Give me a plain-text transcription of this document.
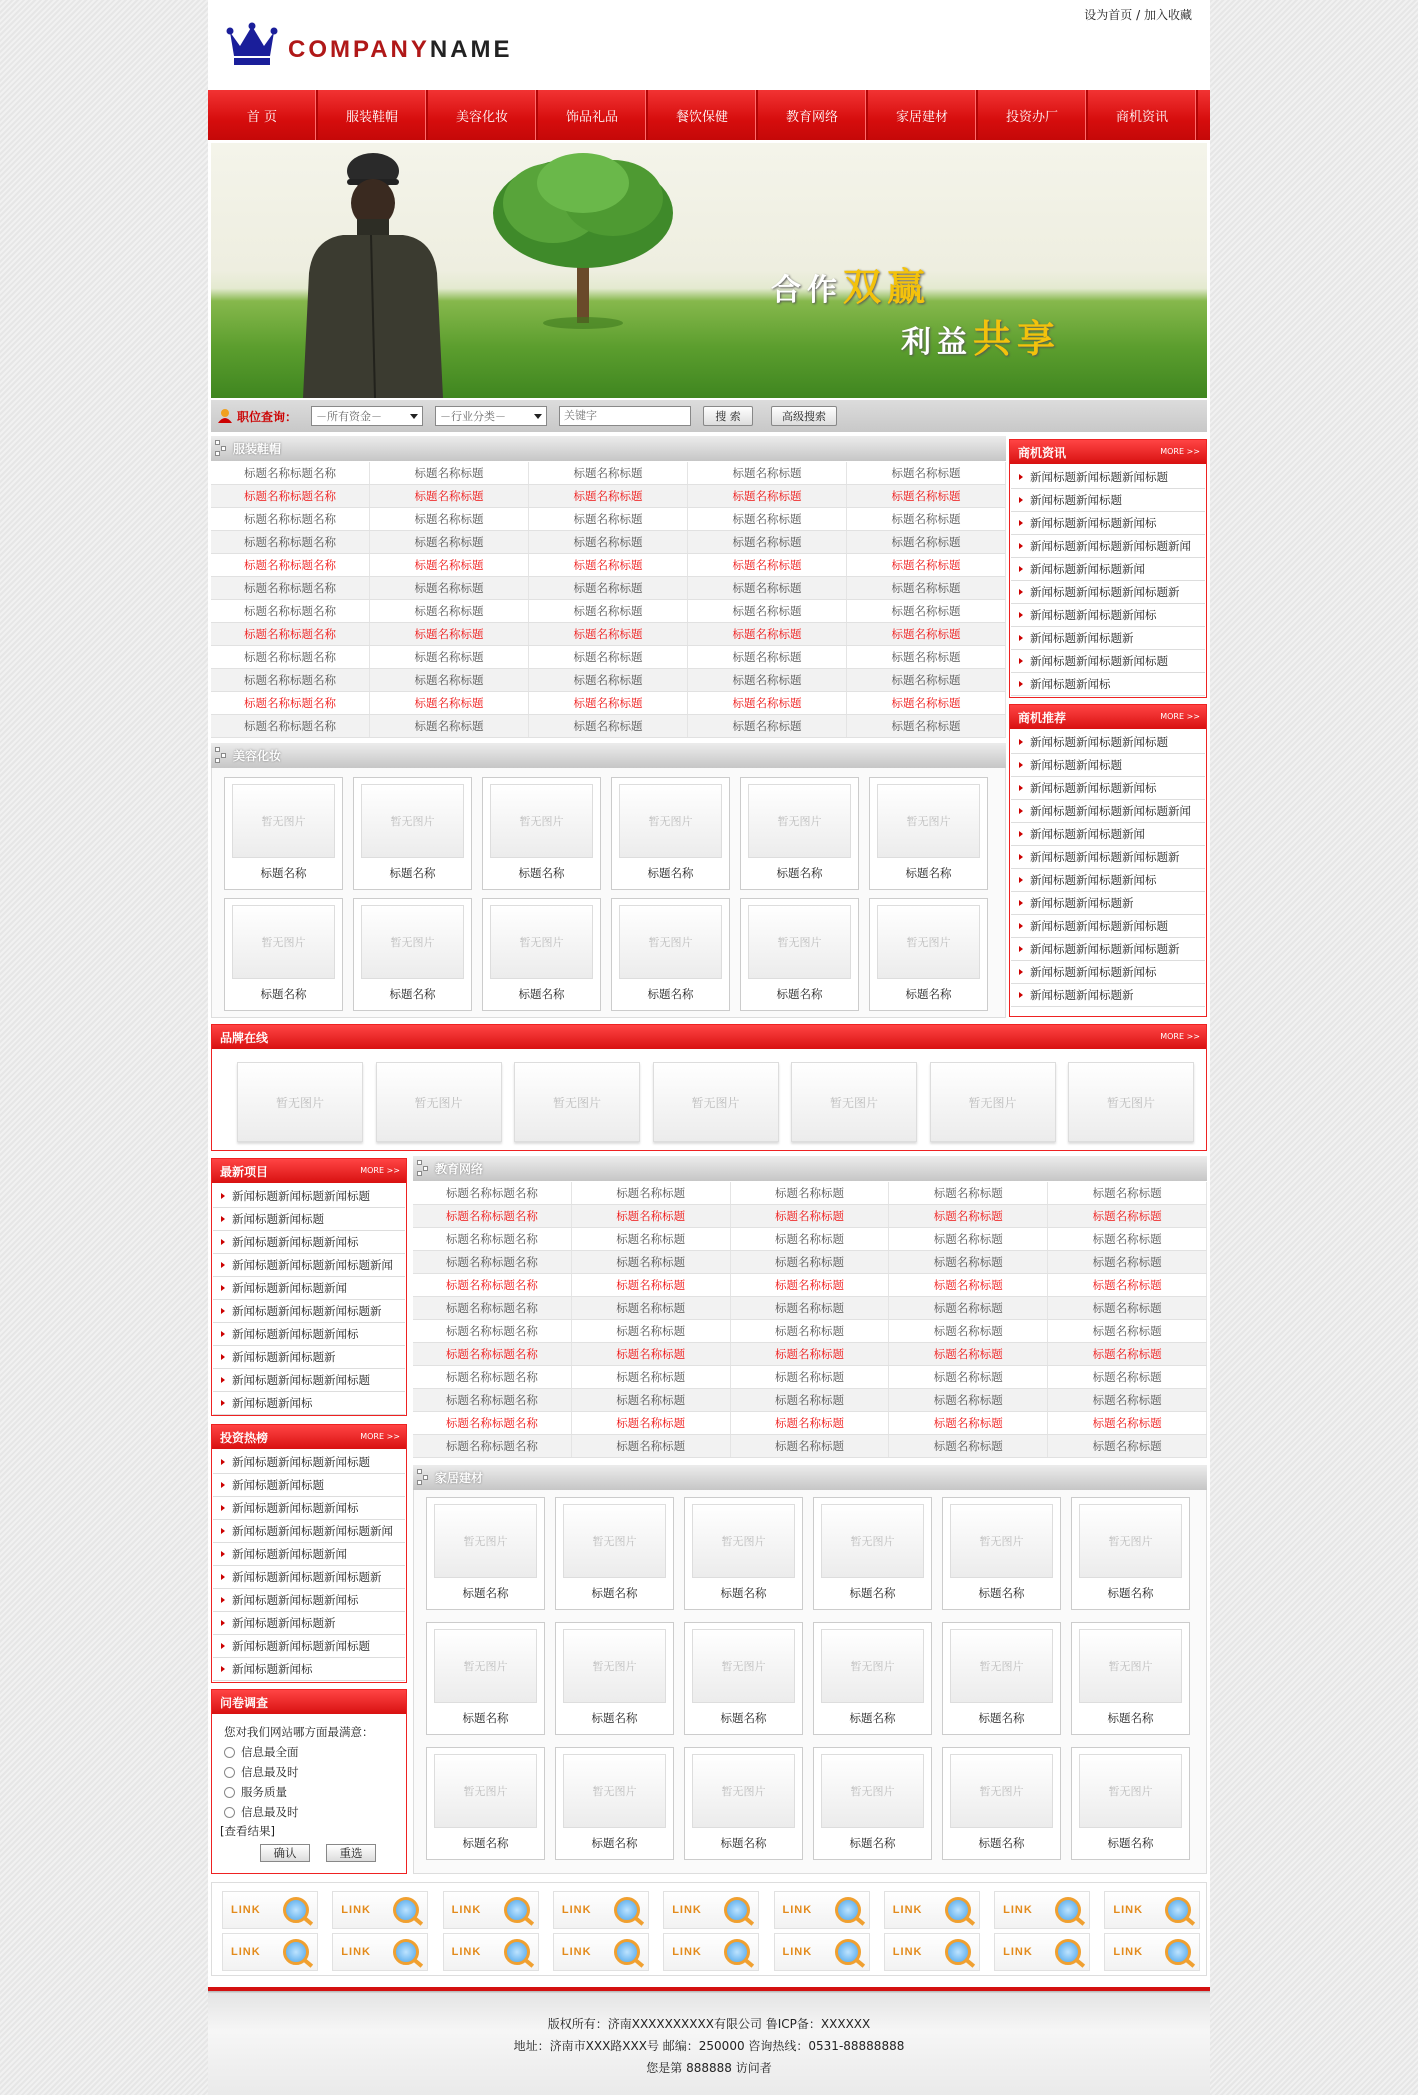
设为首页 / 加入收藏
COMPANYNAME
首 页	服装鞋帽	美容化妆	饰品礼品	餐饮保健	教育网络	家居建材	投资办厂	商机资讯
合作双赢
利益共享
职位查询：	－所有资金－	－行业分类－
关键字	搜 索	高级搜索
服装鞋帽
标题名称标题名称	标题名称标题	标题名称标题	标题名称标题	标题名称标题
标题名称标题名称	标题名称标题	标题名称标题	标题名称标题	标题名称标题
标题名称标题名称	标题名称标题	标题名称标题	标题名称标题	标题名称标题
标题名称标题名称	标题名称标题	标题名称标题	标题名称标题	标题名称标题
标题名称标题名称	标题名称标题	标题名称标题	标题名称标题	标题名称标题
标题名称标题名称	标题名称标题	标题名称标题	标题名称标题	标题名称标题
标题名称标题名称	标题名称标题	标题名称标题	标题名称标题	标题名称标题
标题名称标题名称	标题名称标题	标题名称标题	标题名称标题	标题名称标题
标题名称标题名称	标题名称标题	标题名称标题	标题名称标题	标题名称标题
标题名称标题名称	标题名称标题	标题名称标题	标题名称标题	标题名称标题
标题名称标题名称	标题名称标题	标题名称标题	标题名称标题	标题名称标题
标题名称标题名称	标题名称标题	标题名称标题	标题名称标题	标题名称标题
美容化妆
暂无图片
标题名称
暂无图片
标题名称
暂无图片
标题名称
暂无图片
标题名称
暂无图片
标题名称
暂无图片
标题名称
暂无图片
标题名称
暂无图片
标题名称
暂无图片
标题名称
暂无图片
标题名称
暂无图片
标题名称
暂无图片
标题名称
商机资讯	MORE >>
新闻标题新闻标题新闻标题
新闻标题新闻标题
新闻标题新闻标题新闻标
新闻标题新闻标题新闻标题新闻
新闻标题新闻标题新闻
新闻标题新闻标题新闻标题新
新闻标题新闻标题新闻标
新闻标题新闻标题新
新闻标题新闻标题新闻标题
新闻标题新闻标
商机推荐	MORE >>
新闻标题新闻标题新闻标题
新闻标题新闻标题
新闻标题新闻标题新闻标
新闻标题新闻标题新闻标题新闻
新闻标题新闻标题新闻
新闻标题新闻标题新闻标题新
新闻标题新闻标题新闻标
新闻标题新闻标题新
新闻标题新闻标题新闻标题
新闻标题新闻标题新闻标题新
新闻标题新闻标题新闻标
新闻标题新闻标题新
品牌在线	MORE >>
暂无图片	暂无图片	暂无图片	暂无图片	暂无图片	暂无图片	暂无图片
最新项目	MORE >>
新闻标题新闻标题新闻标题
新闻标题新闻标题
新闻标题新闻标题新闻标
新闻标题新闻标题新闻标题新闻
新闻标题新闻标题新闻
新闻标题新闻标题新闻标题新
新闻标题新闻标题新闻标
新闻标题新闻标题新
新闻标题新闻标题新闻标题
新闻标题新闻标
投资热榜	MORE >>
新闻标题新闻标题新闻标题
新闻标题新闻标题
新闻标题新闻标题新闻标
新闻标题新闻标题新闻标题新闻
新闻标题新闻标题新闻
新闻标题新闻标题新闻标题新
新闻标题新闻标题新闻标
新闻标题新闻标题新
新闻标题新闻标题新闻标题
新闻标题新闻标
问卷调查
您对我们网站哪方面最满意：
信息最全面
信息最及时
服务质量
信息最及时
[查看结果]
确认	重选
教育网络
标题名称标题名称	标题名称标题	标题名称标题	标题名称标题	标题名称标题
标题名称标题名称	标题名称标题	标题名称标题	标题名称标题	标题名称标题
标题名称标题名称	标题名称标题	标题名称标题	标题名称标题	标题名称标题
标题名称标题名称	标题名称标题	标题名称标题	标题名称标题	标题名称标题
标题名称标题名称	标题名称标题	标题名称标题	标题名称标题	标题名称标题
标题名称标题名称	标题名称标题	标题名称标题	标题名称标题	标题名称标题
标题名称标题名称	标题名称标题	标题名称标题	标题名称标题	标题名称标题
标题名称标题名称	标题名称标题	标题名称标题	标题名称标题	标题名称标题
标题名称标题名称	标题名称标题	标题名称标题	标题名称标题	标题名称标题
标题名称标题名称	标题名称标题	标题名称标题	标题名称标题	标题名称标题
标题名称标题名称	标题名称标题	标题名称标题	标题名称标题	标题名称标题
标题名称标题名称	标题名称标题	标题名称标题	标题名称标题	标题名称标题
家居建材
暂无图片
标题名称
暂无图片
标题名称
暂无图片
标题名称
暂无图片
标题名称
暂无图片
标题名称
暂无图片
标题名称
暂无图片
标题名称
暂无图片
标题名称
暂无图片
标题名称
暂无图片
标题名称
暂无图片
标题名称
暂无图片
标题名称
暂无图片
标题名称
暂无图片
标题名称
暂无图片
标题名称
暂无图片
标题名称
暂无图片
标题名称
暂无图片
标题名称
LINK	LINK	LINK	LINK	LINK	LINK	LINK	LINK	LINK
LINK	LINK	LINK	LINK	LINK	LINK	LINK	LINK	LINK
版权所有：济南XXXXXXXXXX有限公司 鲁ICP备：XXXXXX
地址：济南市XXX路XXX号 邮编：250000 咨询热线：0531-88888888
您是第 888888 访问者
